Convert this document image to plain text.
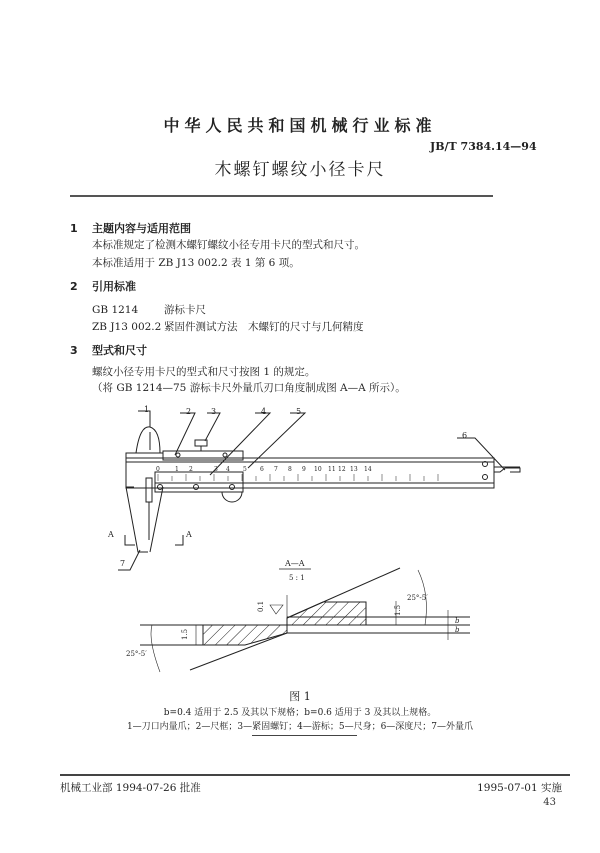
中华人民共和国机械行业标准
JB/T 7384.14—94
木螺钉螺纹小径卡尺
1 主题内容与适用范围
本标准规定了检测木螺钉螺纹小径专用卡尺的型式和尺寸。
本标准适用于 ZB J13 002.2 表 1 第 6 项。
2 引用标准
GB 1214 游标卡尺
ZB J13 002.2 紧固件测试方法　木螺钉的尺寸与几何精度
3 型式和尺寸
螺纹小径专用卡尺的型式和尺寸按图 1 的规定。
（将 GB 1214—75 游标卡尺外量爪刃口角度制成图 A—A 所示）。
1	2 3	4	5
6
7
A	A
0	1 2	3 4 5 6 7 8 9 10 11 12 13 14
A—A
5 : 1
1.5
1.5
0.1
25°-5′
25°-5′
b
b
图 1
b=0.4 适用于 2.5 及其以下规格；b=0.6 适用于 3 及其以上规格。
1—刀口内量爪；2—尺框；3—紧固螺钉；4—游标；5—尺身；6—深度尺；7—外量爪
机械工业部 1994-07-26 批准	1995-07-01 实施
43
